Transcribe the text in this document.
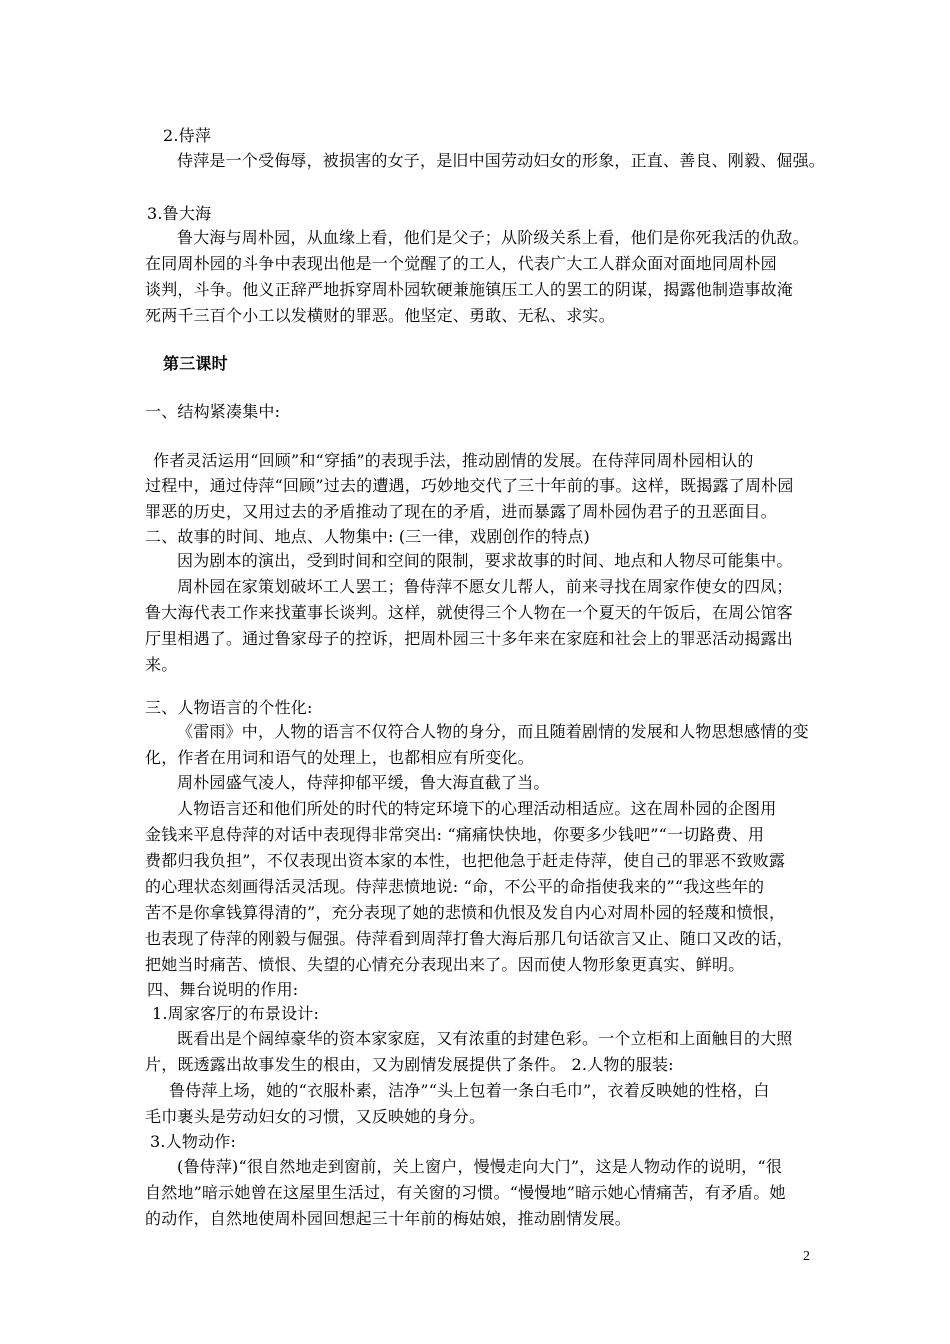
2.侍萍
侍萍是一个受侮辱，被损害的女子，是旧中国劳动妇女的形象，正直、善良、刚毅、倔强。
3.鲁大海
鲁大海与周朴园，从血缘上看，他们是父子；从阶级关系上看，他们是你死我活的仇敌。
在同周朴园的斗争中表现出他是一个觉醒了的工人，代表广大工人群众面对面地同周朴园
谈判，斗争。他义正辞严地拆穿周朴园软硬兼施镇压工人的罢工的阴谋，揭露他制造事故淹
死两千三百个小工以发横财的罪恶。他坚定、勇敢、无私、求实。
第三课时
一、结构紧凑集中:
作者灵活运用“回顾”和“穿插”的表现手法，推动剧情的发展。在侍萍同周朴园相认的
过程中，通过侍萍“回顾”过去的遭遇，巧妙地交代了三十年前的事。这样，既揭露了周朴园
罪恶的历史，又用过去的矛盾推动了现在的矛盾，进而暴露了周朴园伪君子的丑恶面目。
二、故事的时间、地点、人物集中: (三一律，戏剧创作的特点)
因为剧本的演出，受到时间和空间的限制，要求故事的时间、地点和人物尽可能集中。
周朴园在家策划破坏工人罢工；鲁侍萍不愿女儿帮人，前来寻找在周家作使女的四凤；
鲁大海代表工作来找董事长谈判。这样，就使得三个人物在一个夏天的午饭后，在周公馆客
厅里相遇了。通过鲁家母子的控诉，把周朴园三十多年来在家庭和社会上的罪恶活动揭露出
来。
三、人物语言的个性化:
《雷雨》中，人物的语言不仅符合人物的身分，而且随着剧情的发展和人物思想感情的变
化，作者在用词和语气的处理上，也都相应有所变化。
周朴园盛气凌人，侍萍抑郁平缓，鲁大海直截了当。
人物语言还和他们所处的时代的特定环境下的心理活动相适应。这在周朴园的企图用
金钱来平息侍萍的对话中表现得非常突出: “痛痛快快地，你要多少钱吧”“一切路费、用
费都归我负担”，不仅表现出资本家的本性，也把他急于赶走侍萍，使自己的罪恶不致败露
的心理状态刻画得活灵活现。侍萍悲愤地说: “命，不公平的命指使我来的”“我这些年的
苦不是你拿钱算得清的”，充分表现了她的悲愤和仇恨及发自内心对周朴园的轻蔑和愤恨，
也表现了侍萍的刚毅与倔强。侍萍看到周萍打鲁大海后那几句话欲言又止、随口又改的话，
把她当时痛苦、愤恨、失望的心情充分表现出来了。因而使人物形象更真实、鲜明。
四、舞台说明的作用:
1.周家客厅的布景设计:
既看出是个阔绰豪华的资本家家庭，又有浓重的封建色彩。一个立柜和上面触目的大照
片，既透露出故事发生的根由，又为剧情发展提供了条件。 2.人物的服装:
鲁侍萍上场，她的“衣服朴素，洁净”“头上包着一条白毛巾”，衣着反映她的性格，白
毛巾裹头是劳动妇女的习惯，又反映她的身分。
3.人物动作:
(鲁侍萍)“很自然地走到窗前，关上窗户，慢慢走向大门”，这是人物动作的说明，“很
自然地”暗示她曾在这屋里生活过，有关窗的习惯。“慢慢地”暗示她心情痛苦，有矛盾。她
的动作，自然地使周朴园回想起三十年前的梅姑娘，推动剧情发展。
2
